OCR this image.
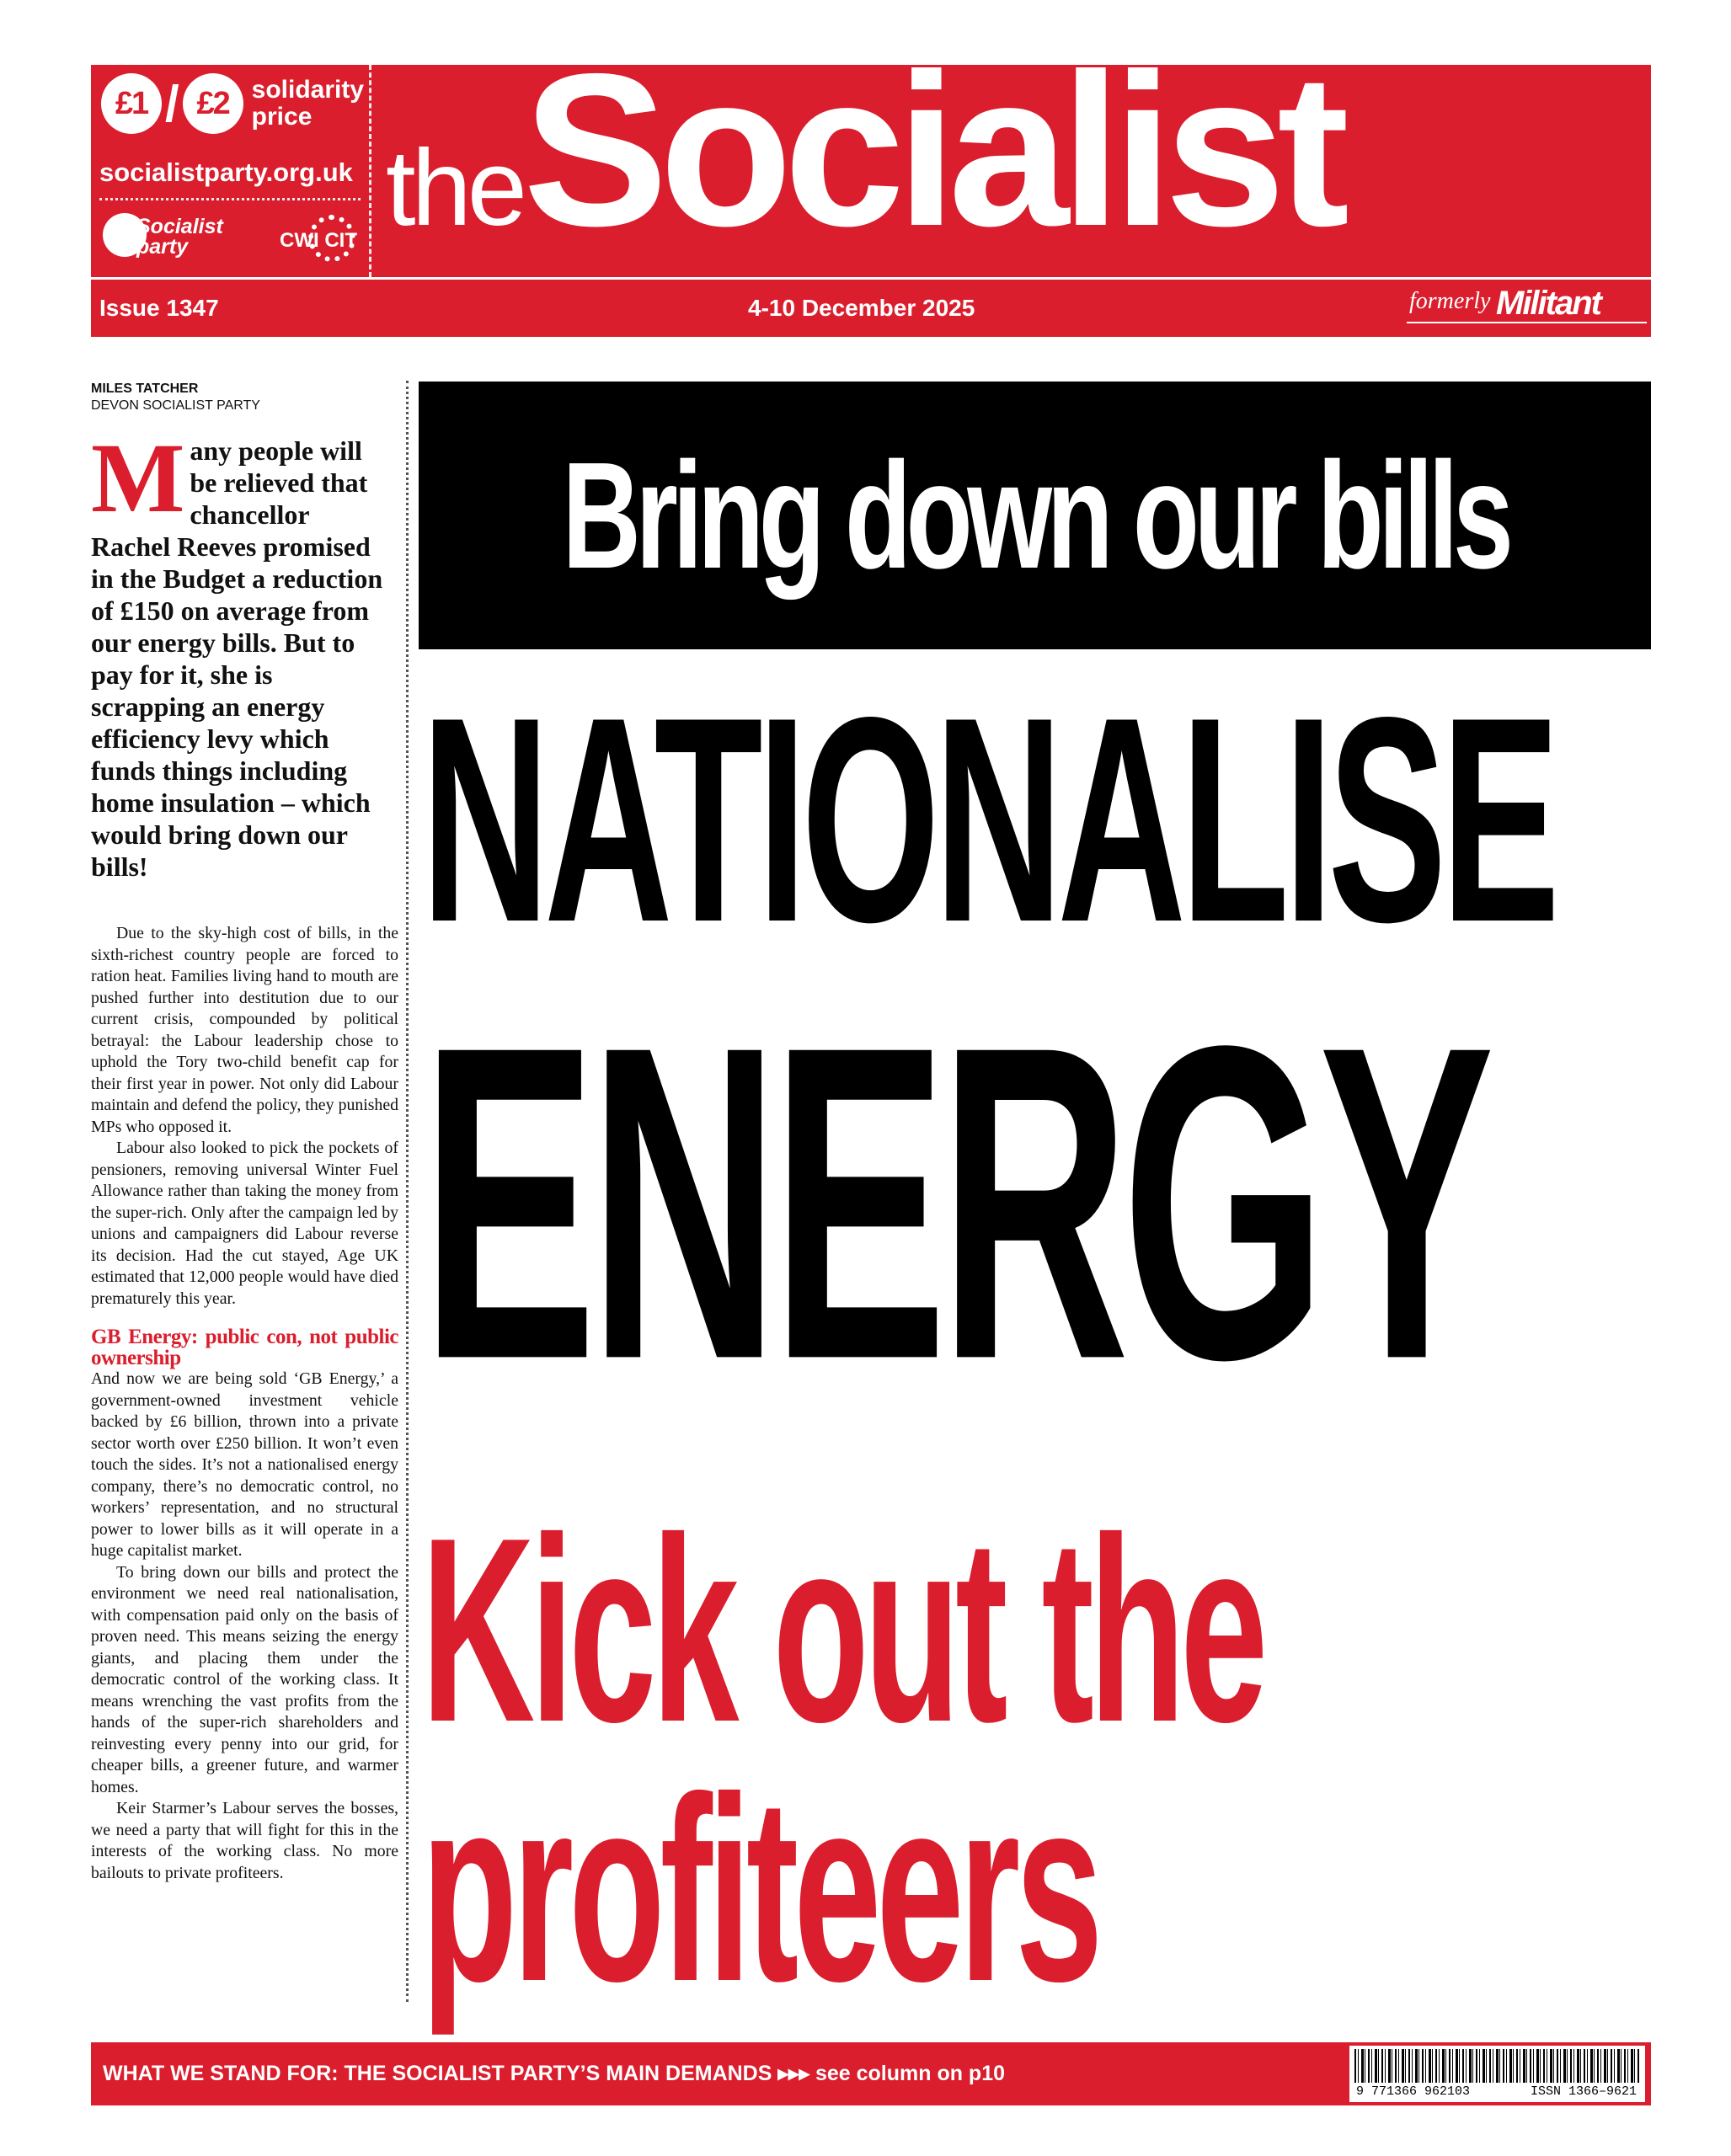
£1 / £2 solidarity
price
socialistparty.org.uk
Socialist
party	CWI CIT theSocialist
Issue 1347	4-10 December 2025	formerly Militant
MILES TATCHER
DEVON SOCIALIST PARTY
Many people will be relieved that chancellor Rachel Reeves promised in the Budget a reduction of £150 on average from our energy bills. But to pay for it, she is scrapping an energy efficiency levy which funds things including home insulation – which would bring down our bills!

Due to the sky-high cost of bills, in the sixth-richest country people are forced to ration heat. Families living hand to mouth are pushed further into destitution due to our current crisis, compounded by political betrayal: the Labour leadership chose to uphold the Tory two-child benefit cap for their first year in power. Not only did Labour maintain and defend the policy, they punished MPs who opposed it.

Labour also looked to pick the pockets of pensioners, removing universal Winter Fuel Allowance rather than taking the money from the super-rich. Only after the campaign led by unions and campaigners did Labour reverse its decision. Had the cut stayed, Age UK estimated that 12,000 people would have died prematurely this year.

GB Energy: public con, not public ownership

And now we are being sold ‘GB Energy,’ a government-owned investment vehicle backed by £6 billion, thrown into a private sector worth over £250 billion. It won’t even touch the sides. It’s not a nationalised energy company, there’s no democratic control, no workers’ representation, and no structural power to lower bills as it will operate in a huge capitalist market.

To bring down our bills and protect the environment we need real nationalisation, with compensation paid only on the basis of proven need. This means seizing the energy giants, and placing them under the democratic control of the working class. It means wrenching the vast profits from the hands of the super-rich shareholders and reinvesting every penny into our grid, for cheaper bills, a greener future, and warmer homes.

Keir Starmer’s Labour serves the bosses, we need a party that will fight for this in the interests of the working class. No more bailouts to private profiteers.

Bring down our bills
NATIONALISE
ENERGY
Kick out the
profiteers
WHAT WE STAND FOR: THE SOCIALIST PARTY’S MAIN DEMANDS ▸▸▸ see column on p10
9 771366 962103	ISSN 1366–9621
